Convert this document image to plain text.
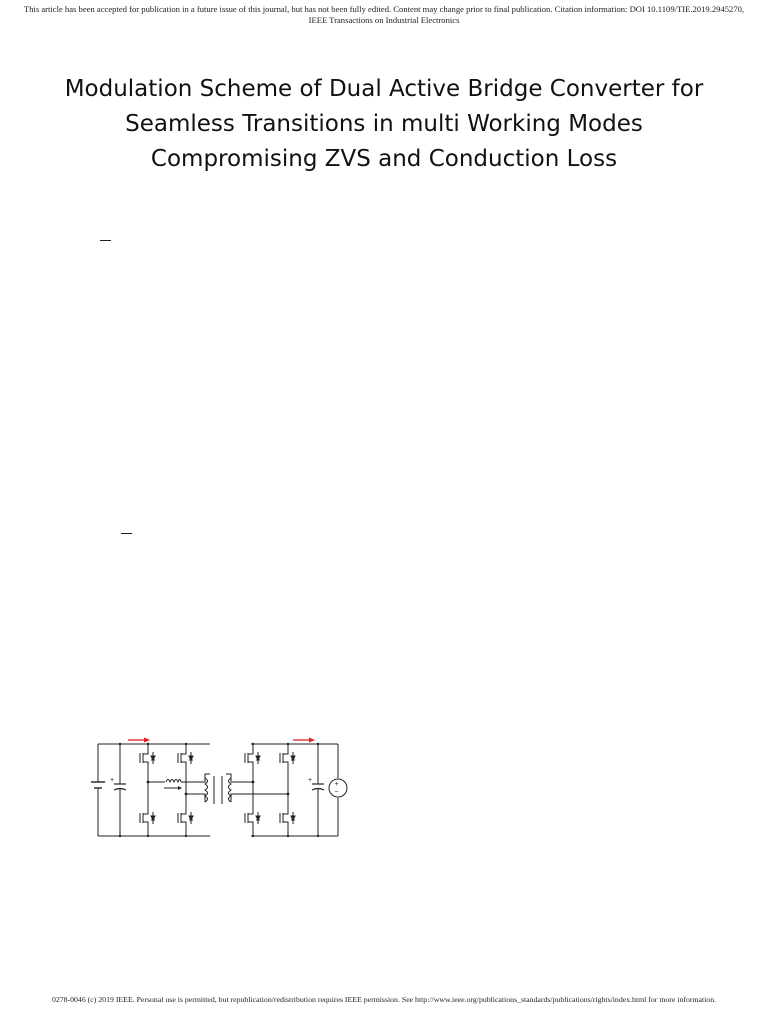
This article has been accepted for publication in a future issue of this journal, but has not been fully edited. Content may change prior to final publication. Citation information: DOI 10.1109/TIE.2019.2945270, IEEE Transactions on Industrial Electronics
Modulation Scheme of Dual Active Bridge Converter for
Seamless Transitions in multi Working Modes
Compromising ZVS and Conduction Loss
+	+
+
−
0278-0046 (c) 2019 IEEE. Personal use is permitted, but republication/redistribution requires IEEE permission. See http://www.ieee.org/publications_standards/publications/rights/index.html for more information.
